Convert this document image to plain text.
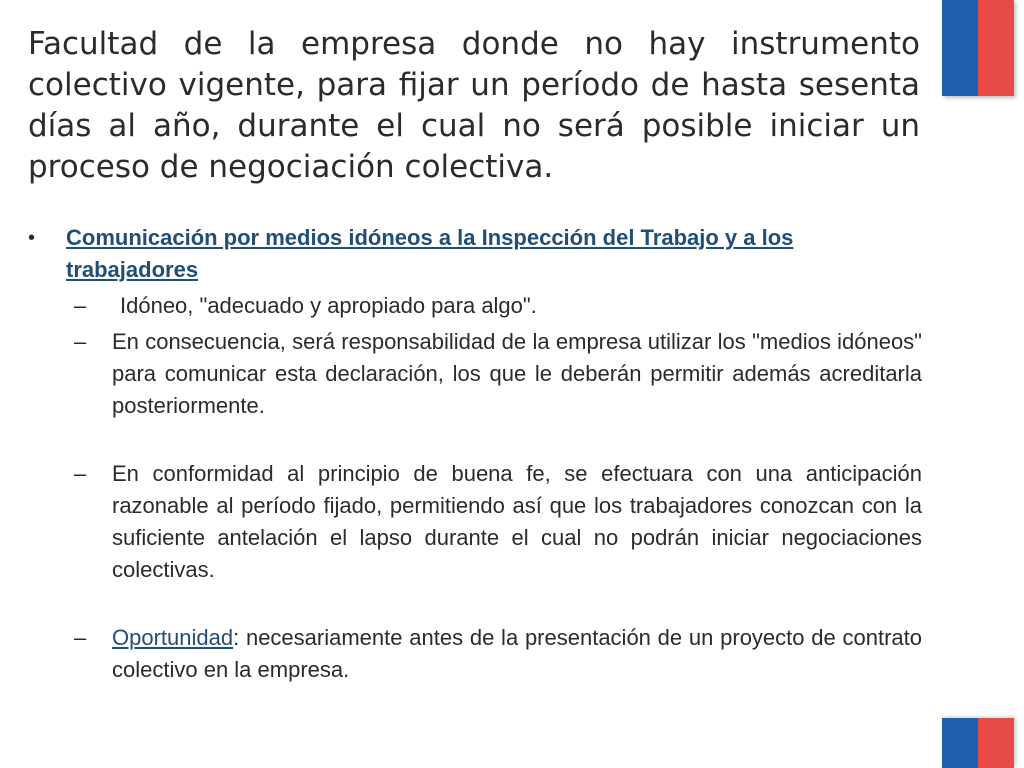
Facultad de la empresa donde no hay instrumento colectivo vigente, para fijar un período de hasta sesenta días al año, durante el cual no será posible iniciar un proceso de negociación colectiva.
•	Comunicación por medios idóneos a la Inspección del Trabajo y a los trabajadores
–	Idóneo, "adecuado y apropiado para algo".
–	En consecuencia, será responsabilidad de la empresa utilizar los "medios idóneos" para comunicar esta declaración, los que le deberán permitir además acreditarla posteriormente.
–	En conformidad al principio de buena fe, se efectuara con una anticipación razonable al período fijado, permitiendo así que los trabajadores conozcan con la suficiente antelación el lapso durante el cual no podrán iniciar negociaciones colectivas.
–	Oportunidad: necesariamente antes de la presentación de un proyecto de contrato colectivo en la empresa.
